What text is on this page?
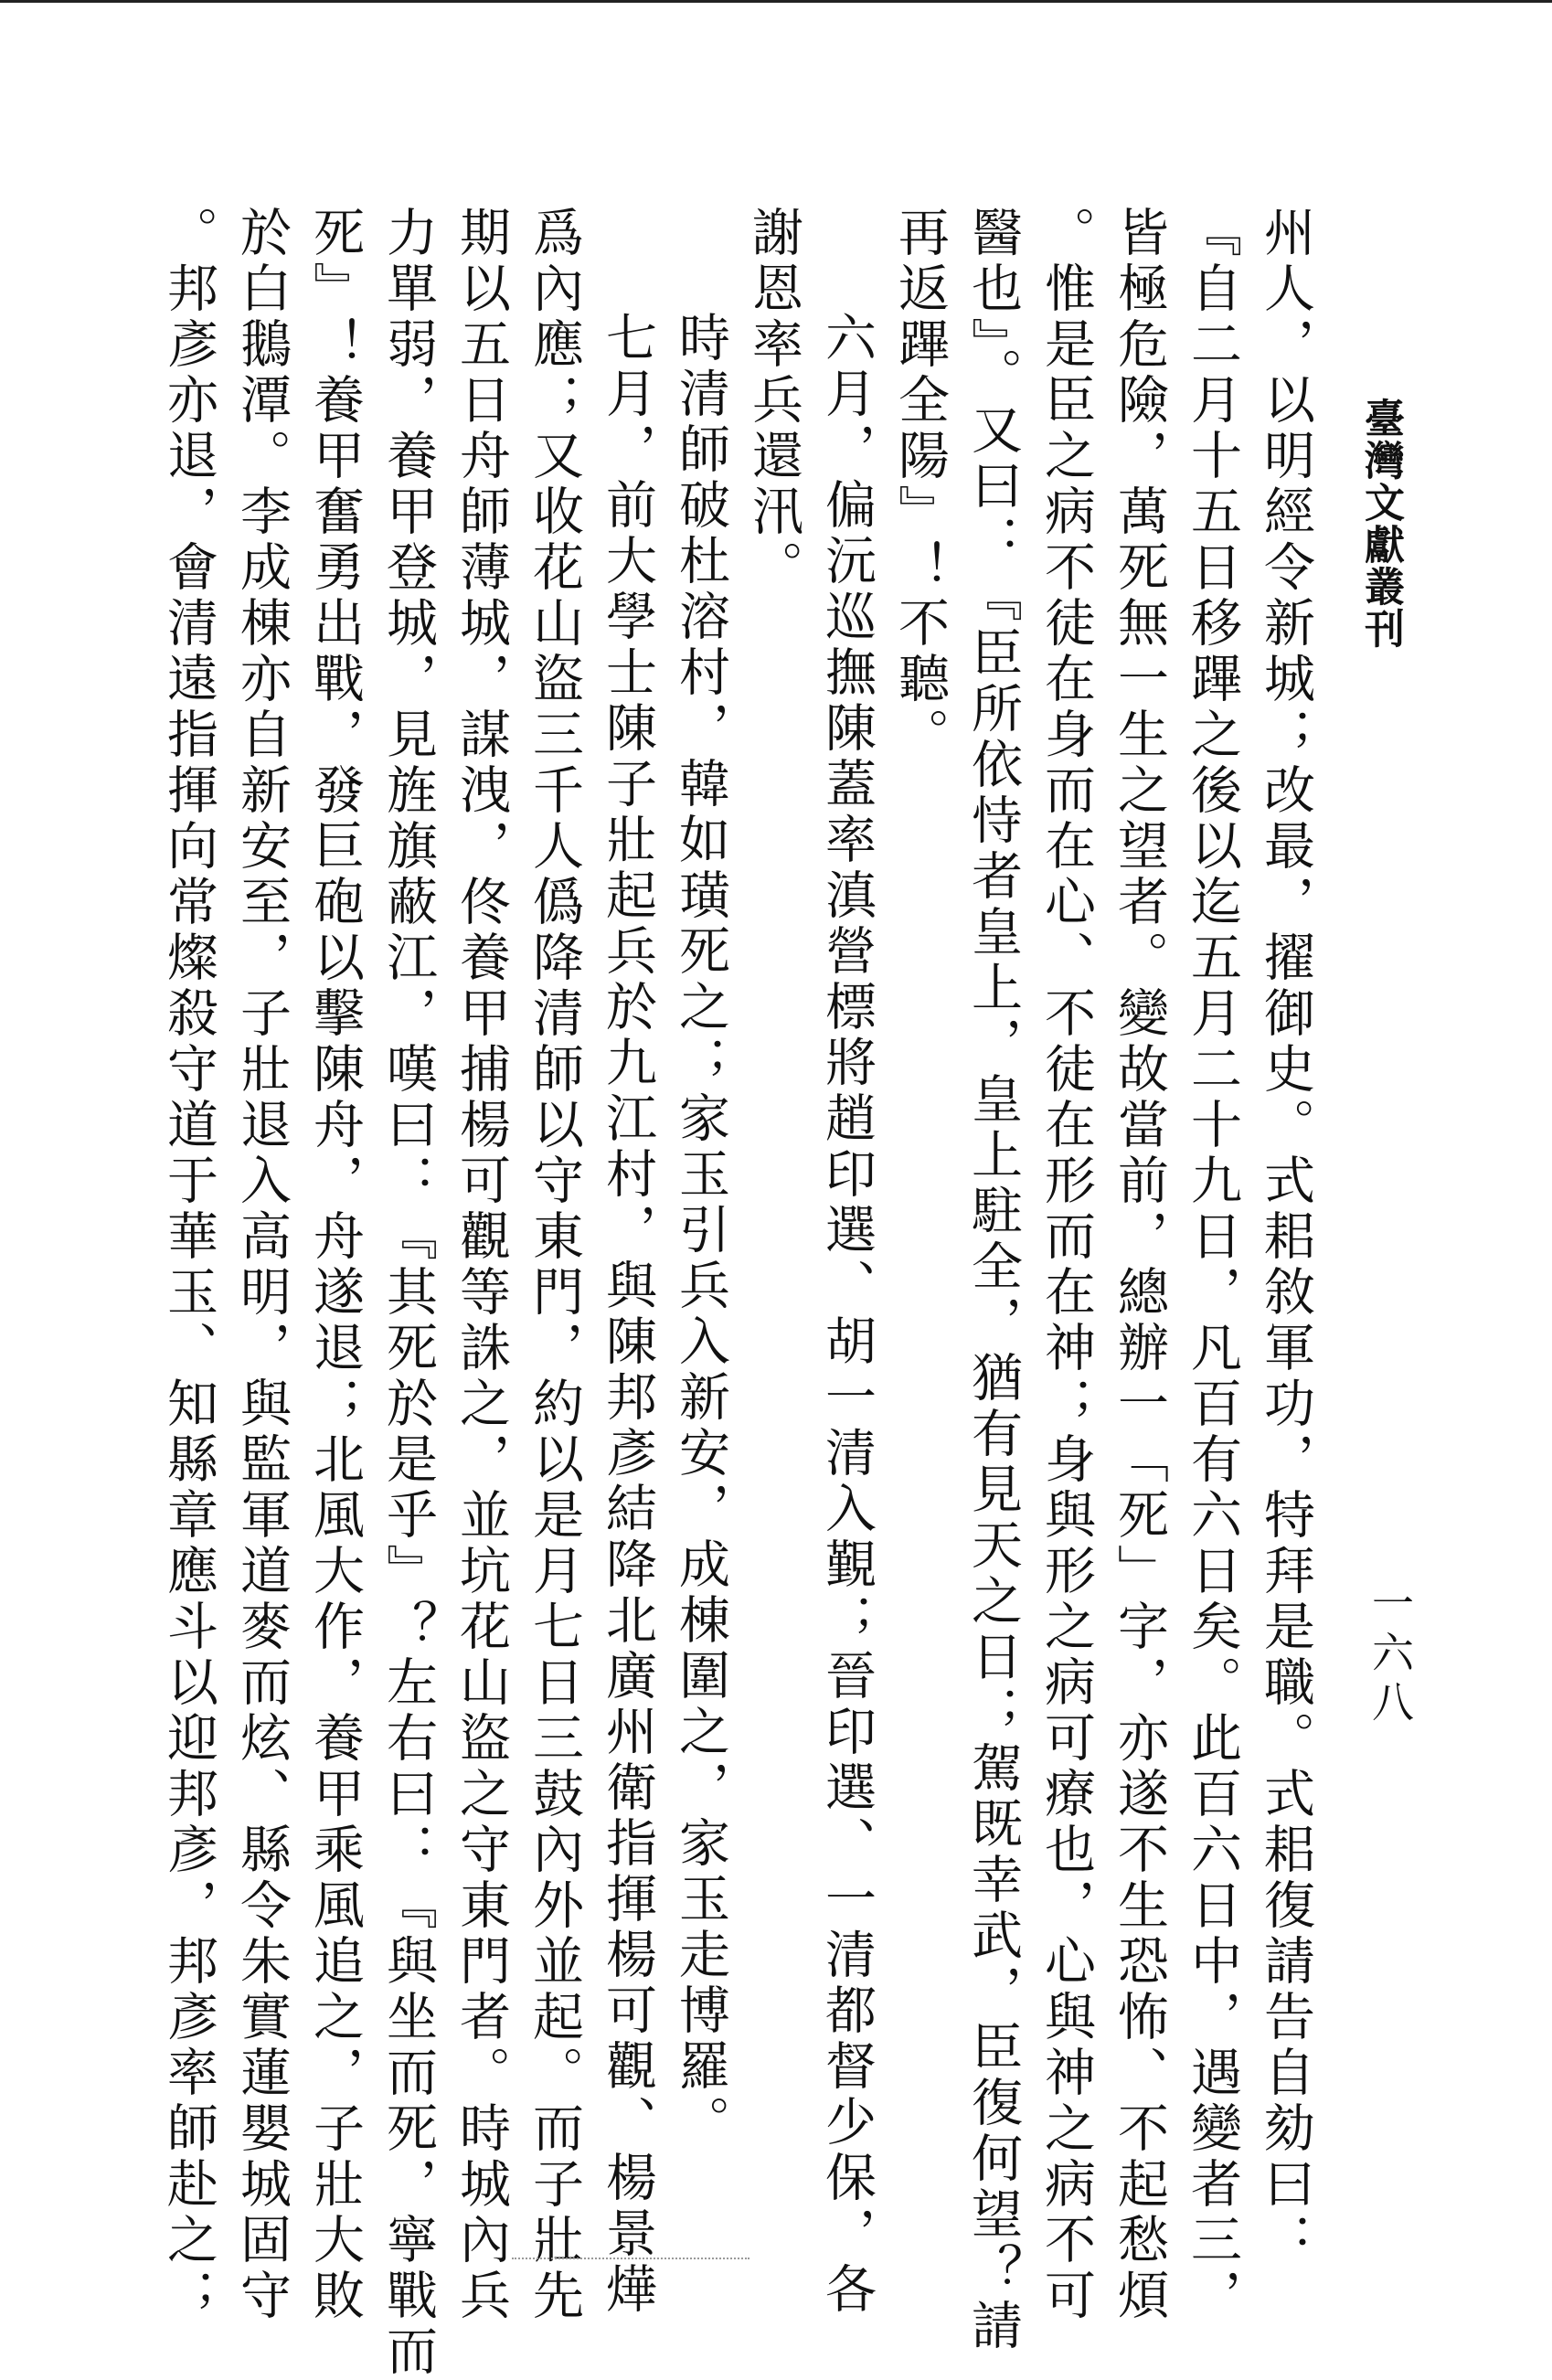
臺灣文獻叢刊
一六八
州人，以明經令新城；改最，擢御史。式耜敘軍功，特拜是職。式耜復請告自劾曰：
『自二月十五日移蹕之後以迄五月二十九日，凡百有六日矣。此百六日中，遇變者三，
皆極危險，萬死無一生之望者。變故當前，總辦一「死」字，亦遂不生恐怖、不起愁煩
。惟是臣之病不徒在身而在心、不徒在形而在神；身與形之病可療也，心與神之病不可
醫也』。又曰：『臣所依恃者皇上，皇上駐全，猶有見天之日；駕既幸武，臣復何望？請
再返蹕全陽』！不聽。
六月，偏沅巡撫陳蓋率滇營標將趙印選、胡一清入覲；晉印選、一清都督少保，各
謝恩率兵還汛。
時清師破杜溶村，韓如璜死之；家玉引兵入新安，成棟圍之，家玉走博羅。
七月，前大學士陳子壯起兵於九江村，與陳邦彥結降北廣州衛指揮楊可觀、楊景燁
爲內應；又收花山盜三千人僞降清師以守東門，約以是月七日三鼓內外並起。而子壯先
期以五日舟師薄城，謀洩，佟養甲捕楊可觀等誅之，並坑花山盜之守東門者。時城內兵
力單弱，養甲登城，見旌旗蔽江，嘆曰：『其死於是乎』？左右曰：『與坐而死，寧戰而
死』！養甲奮勇出戰，發巨砲以擊陳舟，舟遂退；北風大作，養甲乘風追之，子壯大敗
於白鵝潭。李成棟亦自新安至，子壯退入高明，與監軍道麥而炫、縣令朱實蓮嬰城固守
。邦彥亦退，會清遠指揮向常燦殺守道于華玉、知縣章應斗以迎邦彥，邦彥率師赴之；
